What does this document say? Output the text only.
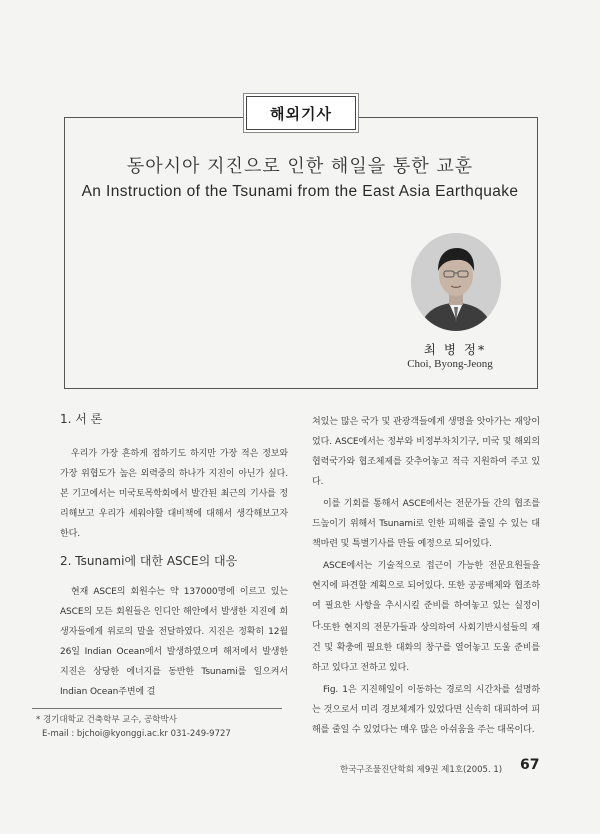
해외기사
동아시아 지진으로 인한 해일을 통한 교훈
An Instruction of the Tsunami from the East Asia Earthquake
최 병 정*
Choi, Byong-Jeong
1. 서 론

우리가 가장 흔하게 접하기도 하지만 가장 적은 정보와 가장 위협도가 높은 외력중의 하나가 지진이 아닌가 싶다. 본 기고에서는 미국토목학회에서 발간된 최근의 기사를 정리해보고 우리가 세워야할 대비책에 대해서 생각해보고자 한다.

2. Tsunami에 대한 ASCE의 대응

현재 ASCE의 회원수는 약 137000명에 이르고 있는 ASCE의 모든 회원들은 인디안 해안에서 발생한 지진에 희생자들에게 위로의 말을 전달하였다. 지진은 정확히 12월 26일 Indian Ocean에서 발생하였으며 해저에서 발생한 지진은 상당한 에너지를 동반한 Tsunami를 일으켜서 Indian Ocean주변에 걸

쳐있는 많은 국가 및 관광객들에게 생명을 앗아가는 재앙이었다. ASCE에서는 정부와 비정부차치기구, 미국 및 해외의 협력국가와 협조체제를 갖추어놓고 적극 지원하여 주고 있다.

이를 기회를 통해서 ASCE에서는 전문가들 간의 협조를 드높이기 위해서 Tsunami로 인한 피해를 줄일 수 있는 대책마련 및 특별기사를 만들 예정으로 되어있다.

ASCE에서는 기술적으로 접근이 가능한 전문요원들을 현지에 파견할 계획으로 되어있다. 또한 공공배체와 협조하여 필요한 사항을 추시시킬 준비를 하여놓고 있는 실정이다. 또한 현지의 전문가들과 상의하여 사회기반시설들의 재건 및 확충에 필요한 대화의 창구를 열어놓고 도울 준비를 하고 있다고 전하고 있다.

Fig. 1은 지진해일이 이동하는 경로의 시간차를 설명하는 것으로서 미리 경보체계가 있었다면 신속히 대피하여 피해를 줄일 수 있었다는 매우 많은 아쉬움을 주는 대목이다.

* 경기대학교 건축학부 교수, 공학박사
E-mail : bjchoi@kyonggi.ac.kr 031-249-9727
한국구조물진단학회 제9권 제1호(2005. 1) 67
